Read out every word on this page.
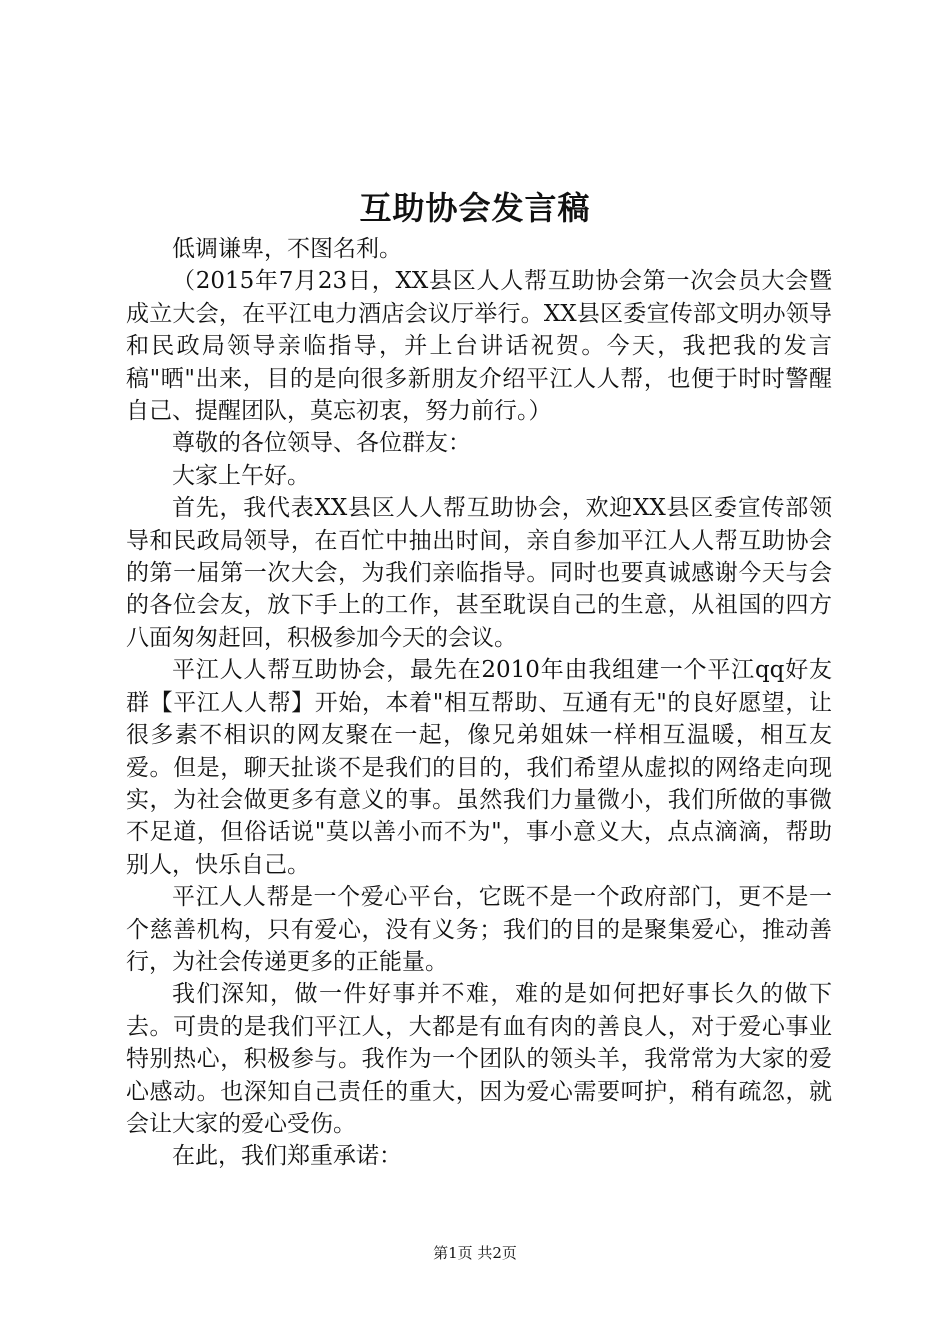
互助协会发言稿

低调谦卑，不图名利。

（2015年7月23日，XX县区人人帮互助协会第一次会员大会暨成立大会，在平江电力酒店会议厅举行。XX县区委宣传部文明办领导和民政局领导亲临指导，并上台讲话祝贺。今天，我把我的发言稿"晒"出来，目的是向很多新朋友介绍平江人人帮，也便于时时警醒自己、提醒团队，莫忘初衷，努力前行。）

尊敬的各位领导、各位群友：

大家上午好。

首先，我代表XX县区人人帮互助协会，欢迎XX县区委宣传部领导和民政局领导，在百忙中抽出时间，亲自参加平江人人帮互助协会的第一届第一次大会，为我们亲临指导。同时也要真诚感谢今天与会的各位会友，放下手上的工作，甚至耽误自己的生意，从祖国的四方八面匆匆赶回，积极参加今天的会议。

平江人人帮互助协会，最先在2010年由我组建一个平江qq好友群【平江人人帮】开始，本着"相互帮助、互通有无"的良好愿望，让很多素不相识的网友聚在一起，像兄弟姐妹一样相互温暖，相互友爱。但是，聊天扯谈不是我们的目的，我们希望从虚拟的网络走向现实，为社会做更多有意义的事。虽然我们力量微小，我们所做的事微不足道，但俗话说"莫以善小而不为"，事小意义大，点点滴滴，帮助别人，快乐自己。

平江人人帮是一个爱心平台，它既不是一个政府部门，更不是一个慈善机构，只有爱心，没有义务；我们的目的是聚集爱心，推动善行，为社会传递更多的正能量。

我们深知，做一件好事并不难，难的是如何把好事长久的做下去。可贵的是我们平江人，大都是有血有肉的善良人，对于爱心事业特别热心，积极参与。我作为一个团队的领头羊，我常常为大家的爱心感动。也深知自己责任的重大，因为爱心需要呵护，稍有疏忽，就会让大家的爱心受伤。

在此，我们郑重承诺：

第1页 共2页
